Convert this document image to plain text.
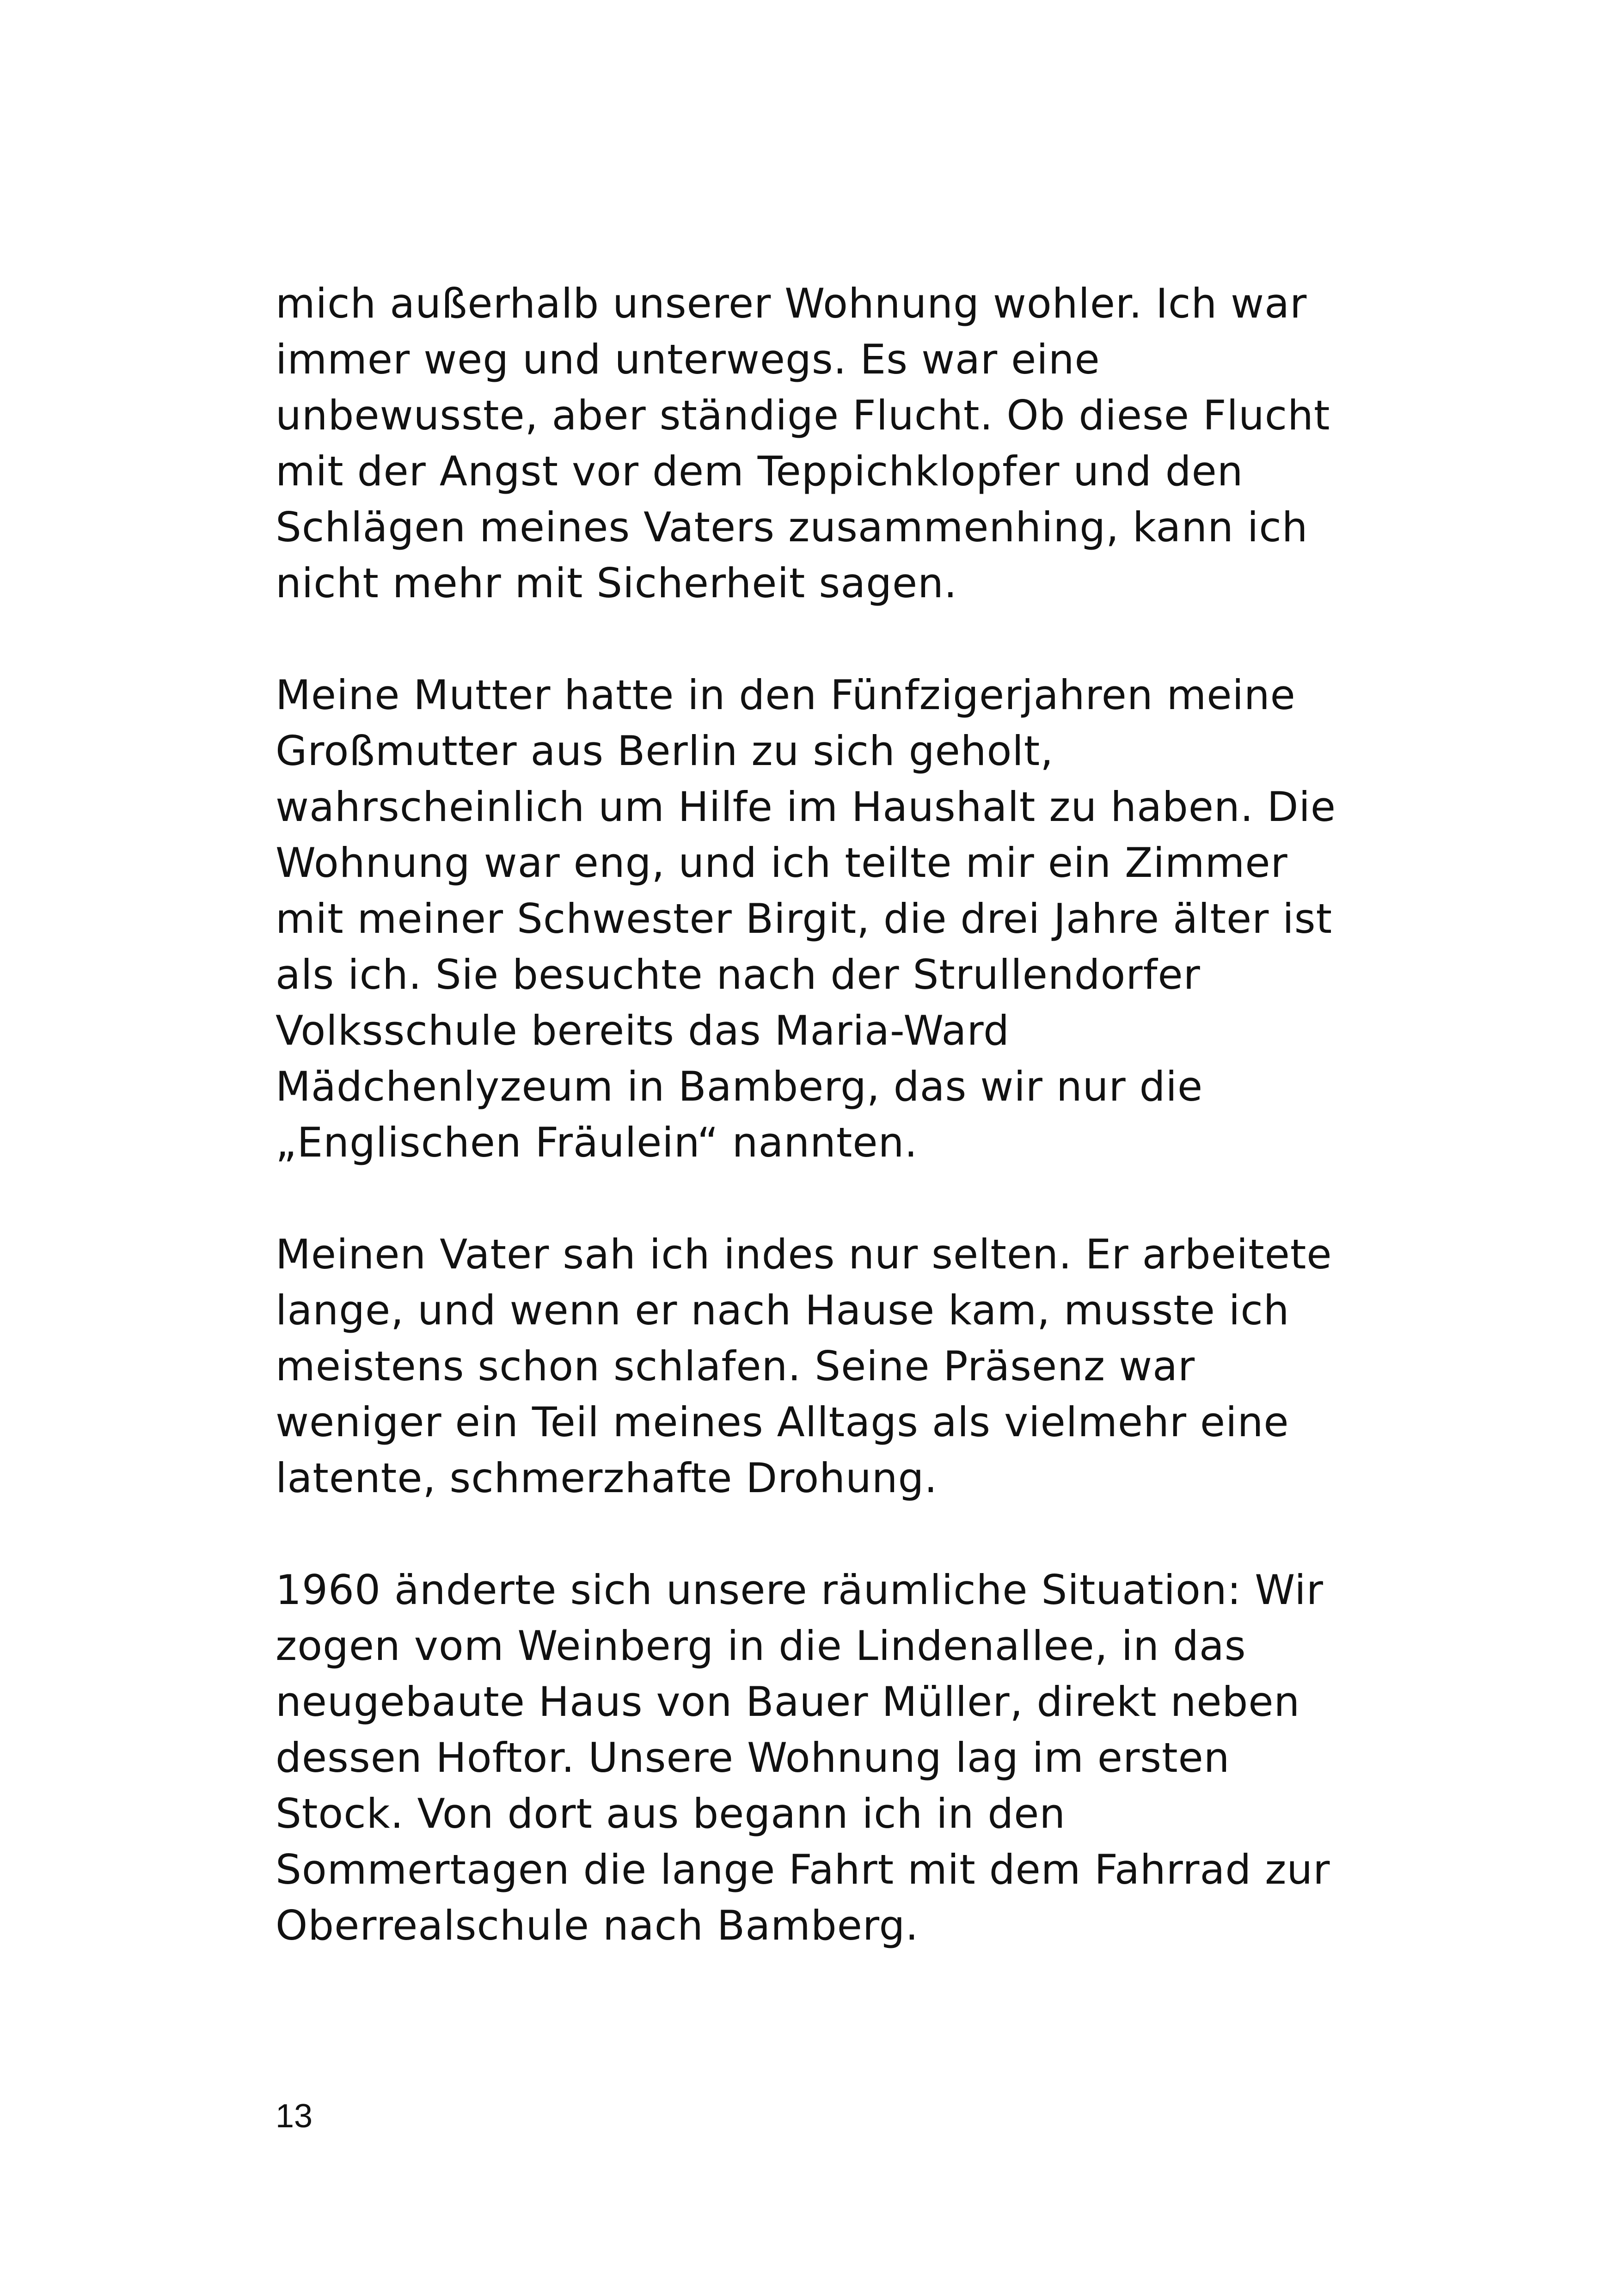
mich außerhalb unserer Wohnung wohler. Ich war
immer weg und unterwegs. Es war eine
unbewusste, aber ständige Flucht. Ob diese Flucht
mit der Angst vor dem Teppichklopfer und den
Schlägen meines Vaters zusammenhing, kann ich
nicht mehr mit Sicherheit sagen.

Meine Mutter hatte in den Fünfzigerjahren meine
Großmutter aus Berlin zu sich geholt,
wahrscheinlich um Hilfe im Haushalt zu haben. Die
Wohnung war eng, und ich teilte mir ein Zimmer
mit meiner Schwester Birgit, die drei Jahre älter ist
als ich. Sie besuchte nach der Strullendorfer
Volksschule bereits das Maria-Ward
Mädchenlyzeum in Bamberg, das wir nur die
„Englischen Fräulein“ nannten.

Meinen Vater sah ich indes nur selten. Er arbeitete
lange, und wenn er nach Hause kam, musste ich
meistens schon schlafen. Seine Präsenz war
weniger ein Teil meines Alltags als vielmehr eine
latente, schmerzhafte Drohung.

1960 änderte sich unsere räumliche Situation: Wir
zogen vom Weinberg in die Lindenallee, in das
neugebaute Haus von Bauer Müller, direkt neben
dessen Hoftor. Unsere Wohnung lag im ersten
Stock. Von dort aus begann ich in den
Sommertagen die lange Fahrt mit dem Fahrrad zur
Oberrealschule nach Bamberg.

13
